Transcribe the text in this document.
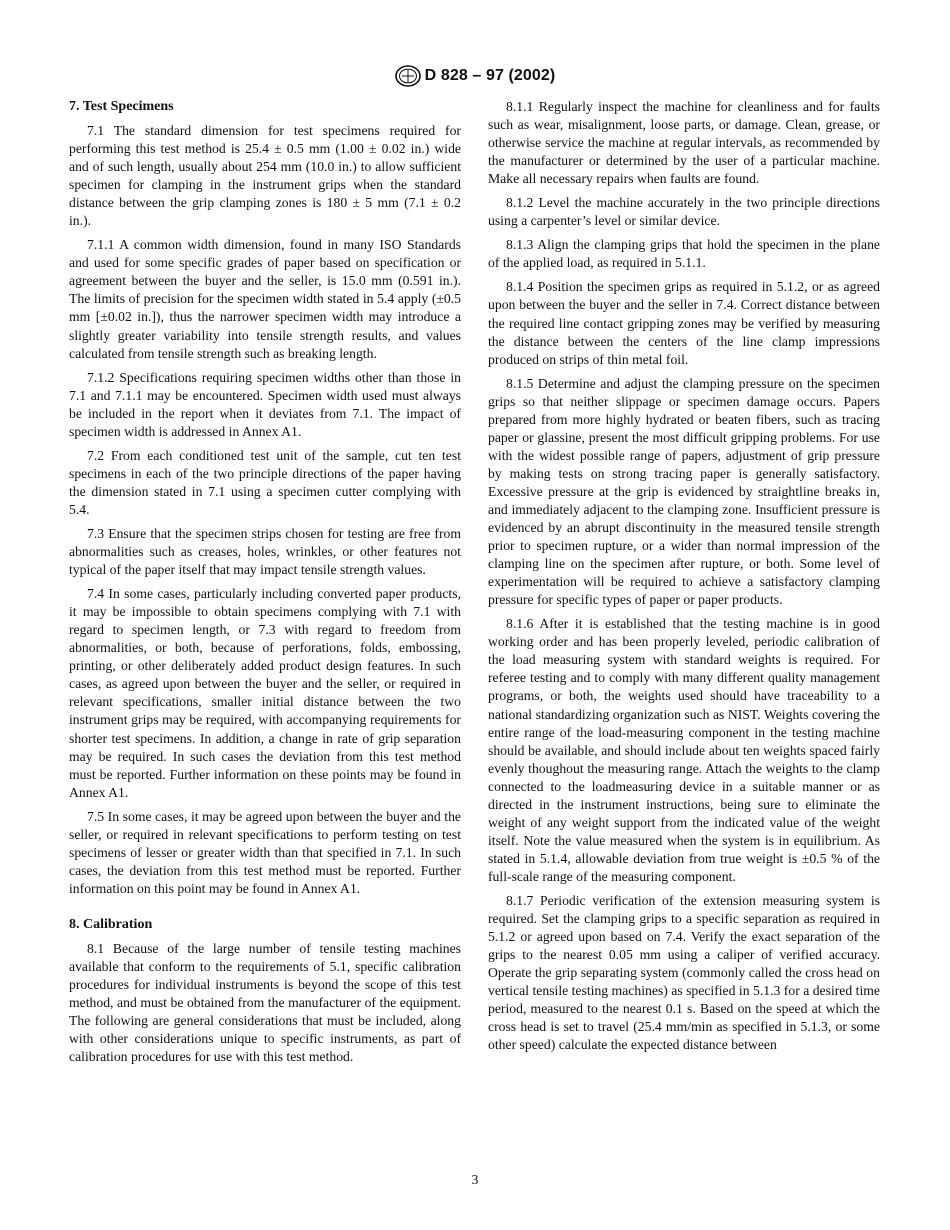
D 828 – 97 (2002)
7. Test Specimens

7.1 The standard dimension for test specimens required for performing this test method is 25.4 ± 0.5 mm (1.00 ± 0.02 in.) wide and of such length, usually about 254 mm (10.0 in.) to allow sufficient specimen for clamping in the instrument grips when the standard distance between the grip clamping zones is 180 ± 5 mm (7.1 ± 0.2 in.).

7.1.1 A common width dimension, found in many ISO Standards and used for some specific grades of paper based on specification or agreement between the buyer and the seller, is 15.0 mm (0.591 in.). The limits of precision for the specimen width stated in 5.4 apply (±0.5 mm [±0.02 in.]), thus the narrower specimen width may introduce a slightly greater variability into tensile strength results, and values calculated from tensile strength such as breaking length.

7.1.2 Specifications requiring specimen widths other than those in 7.1 and 7.1.1 may be encountered. Specimen width used must always be included in the report when it deviates from 7.1. The impact of specimen width is addressed in Annex A1.

7.2 From each conditioned test unit of the sample, cut ten test specimens in each of the two principle directions of the paper having the dimension stated in 7.1 using a specimen cutter complying with 5.4.

7.3 Ensure that the specimen strips chosen for testing are free from abnormalities such as creases, holes, wrinkles, or other features not typical of the paper itself that may impact tensile strength values.

7.4 In some cases, particularly including converted paper products, it may be impossible to obtain specimens complying with 7.1 with regard to specimen length, or 7.3 with regard to freedom from abnormalities, or both, because of perforations, folds, embossing, printing, or other deliberately added product design features. In such cases, as agreed upon between the buyer and the seller, or required in relevant specifications, smaller initial distance between the two instrument grips may be required, with accompanying requirements for shorter test specimens. In addition, a change in rate of grip separation may be required. In such cases the deviation from this test method must be reported. Further information on these points may be found in Annex A1.

7.5 In some cases, it may be agreed upon between the buyer and the seller, or required in relevant specifications to perform testing on test specimens of lesser or greater width than that specified in 7.1. In such cases, the deviation from this test method must be reported. Further information on this point may be found in Annex A1.

8. Calibration

8.1 Because of the large number of tensile testing machines available that conform to the requirements of 5.1, specific calibration procedures for individual instruments is beyond the scope of this test method, and must be obtained from the manufacturer of the equipment. The following are general considerations that must be included, along with other considerations unique to specific instruments, as part of calibration procedures for use with this test method.

8.1.1 Regularly inspect the machine for cleanliness and for faults such as wear, misalignment, loose parts, or damage. Clean, grease, or otherwise service the machine at regular intervals, as recommended by the manufacturer or determined by the user of a particular machine. Make all necessary repairs when faults are found.

8.1.2 Level the machine accurately in the two principle directions using a carpenter’s level or similar device.

8.1.3 Align the clamping grips that hold the specimen in the plane of the applied load, as required in 5.1.1.

8.1.4 Position the specimen grips as required in 5.1.2, or as agreed upon between the buyer and the seller in 7.4. Correct distance between the required line contact gripping zones may be verified by measuring the distance between the centers of the line clamp impressions produced on strips of thin metal foil.

8.1.5 Determine and adjust the clamping pressure on the specimen grips so that neither slippage or specimen damage occurs. Papers prepared from more highly hydrated or beaten fibers, such as tracing paper or glassine, present the most difficult gripping problems. For use with the widest possible range of papers, adjustment of grip pressure by making tests on strong tracing paper is generally satisfactory. Excessive pressure at the grip is evidenced by straightline breaks in, and immediately adjacent to the clamping zone. Insufficient pressure is evidenced by an abrupt discontinuity in the measured tensile strength prior to specimen rupture, or a wider than normal impression of the clamping line on the specimen after rupture, or both. Some level of experimentation will be required to achieve a satisfactory clamping pressure for specific types of paper or paper products.

8.1.6 After it is established that the testing machine is in good working order and has been properly leveled, periodic calibration of the load measuring system with standard weights is required. For referee testing and to comply with many different quality management programs, or both, the weights used should have traceability to a national standardizing organization such as NIST. Weights covering the entire range of the load-measuring component in the testing machine should be available, and should include about ten weights spaced fairly evenly thoughout the measuring range. Attach the weights to the clamp connected to the loadmeasuring device in a suitable manner or as directed in the instrument instructions, being sure to eliminate the weight of any weight support from the indicated value of the weight itself. Note the value measured when the system is in equilibrium. As stated in 5.1.4, allowable deviation from true weight is ±0.5 % of the full-scale range of the measuring component.

8.1.7 Periodic verification of the extension measuring system is required. Set the clamping grips to a specific separation as required in 5.1.2 or agreed upon based on 7.4. Verify the exact separation of the grips to the nearest 0.05 mm using a caliper of verified accuracy. Operate the grip separating system (commonly called the cross head on vertical tensile testing machines) as specified in 5.1.3 for a desired time period, measured to the nearest 0.1 s. Based on the speed at which the cross head is set to travel (25.4 mm/min as specified in 5.1.3, or some other speed) calculate the expected distance between

3
